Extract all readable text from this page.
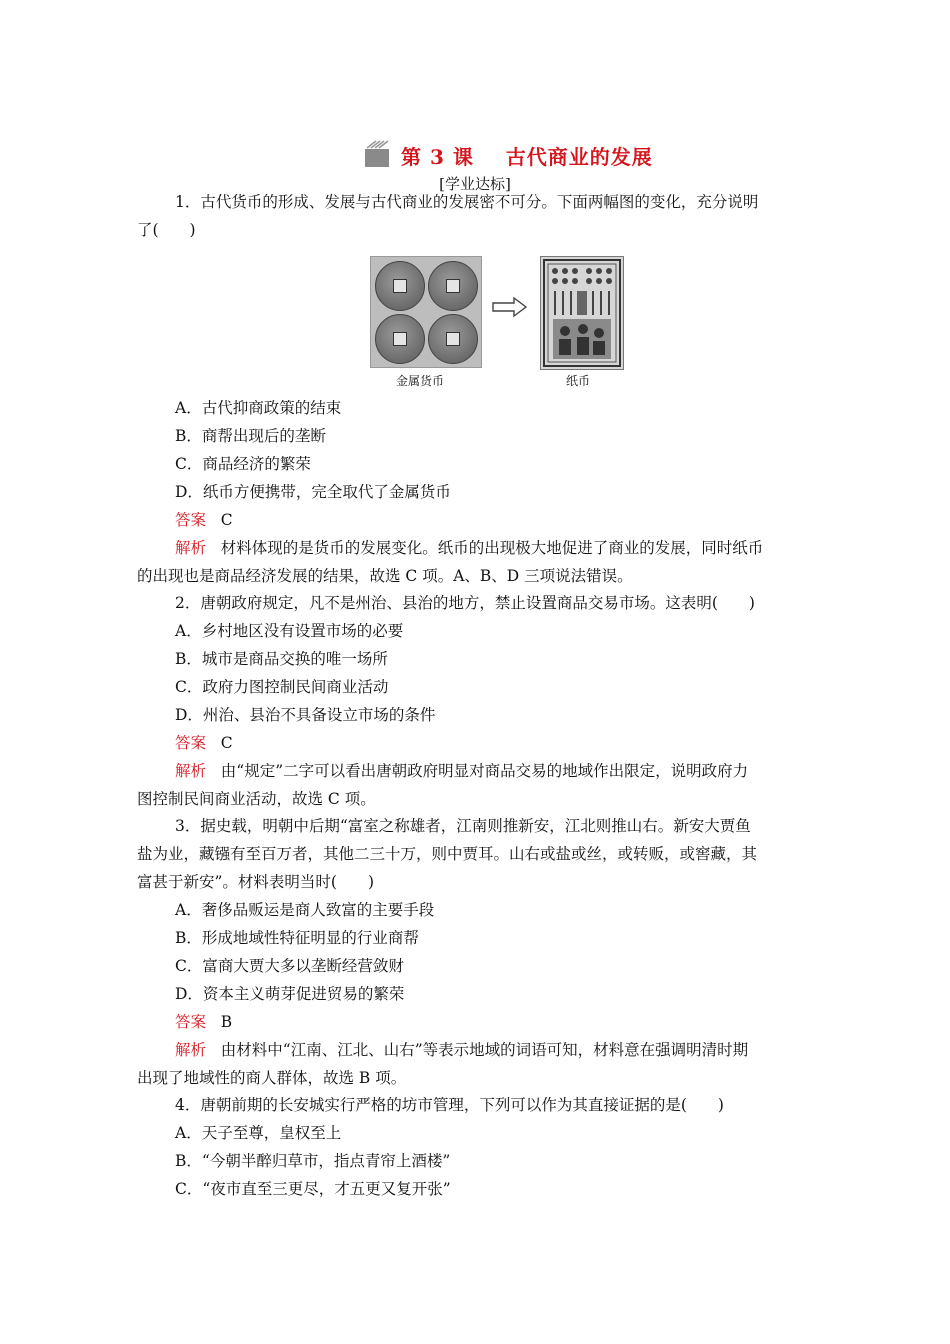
第 3 课    古代商业的发展
[学业达标]
1．古代货币的形成、发展与古代商业的发展密不可分。下面两幅图的变化，充分说明
了(　　)
金属货币	纸币
A．古代抑商政策的结束
B．商帮出现后的垄断
C．商品经济的繁荣
D．纸币方便携带，完全取代了金属货币
答案 C
解析 材料体现的是货币的发展变化。纸币的出现极大地促进了商业的发展，同时纸币
的出现也是商品经济发展的结果，故选 C 项。A、B、D 三项说法错误。
2．唐朝政府规定，凡不是州治、县治的地方，禁止设置商品交易市场。这表明(　　)
A．乡村地区没有设置市场的必要
B．城市是商品交换的唯一场所
C．政府力图控制民间商业活动
D．州治、县治不具备设立市场的条件
答案 C
解析 由“规定”二字可以看出唐朝政府明显对商品交易的地域作出限定，说明政府力
图控制民间商业活动，故选 C 项。
3．据史载，明朝中后期“富室之称雄者，江南则推新安，江北则推山右。新安大贾鱼
盐为业，藏镪有至百万者，其他二三十万，则中贾耳。山右或盐或丝，或转贩，或窖藏，其
富甚于新安”。材料表明当时(　　)
A．奢侈品贩运是商人致富的主要手段
B．形成地域性特征明显的行业商帮
C．富商大贾大多以垄断经营敛财
D．资本主义萌芽促进贸易的繁荣
答案 B
解析 由材料中“江南、江北、山右”等表示地域的词语可知，材料意在强调明清时期
出现了地域性的商人群体，故选 B 项。
4．唐朝前期的长安城实行严格的坊市管理，下列可以作为其直接证据的是(　　)
A．天子至尊，皇权至上
B．“今朝半醉归草市，指点青帘上酒楼”
C．“夜市直至三更尽，才五更又复开张”
